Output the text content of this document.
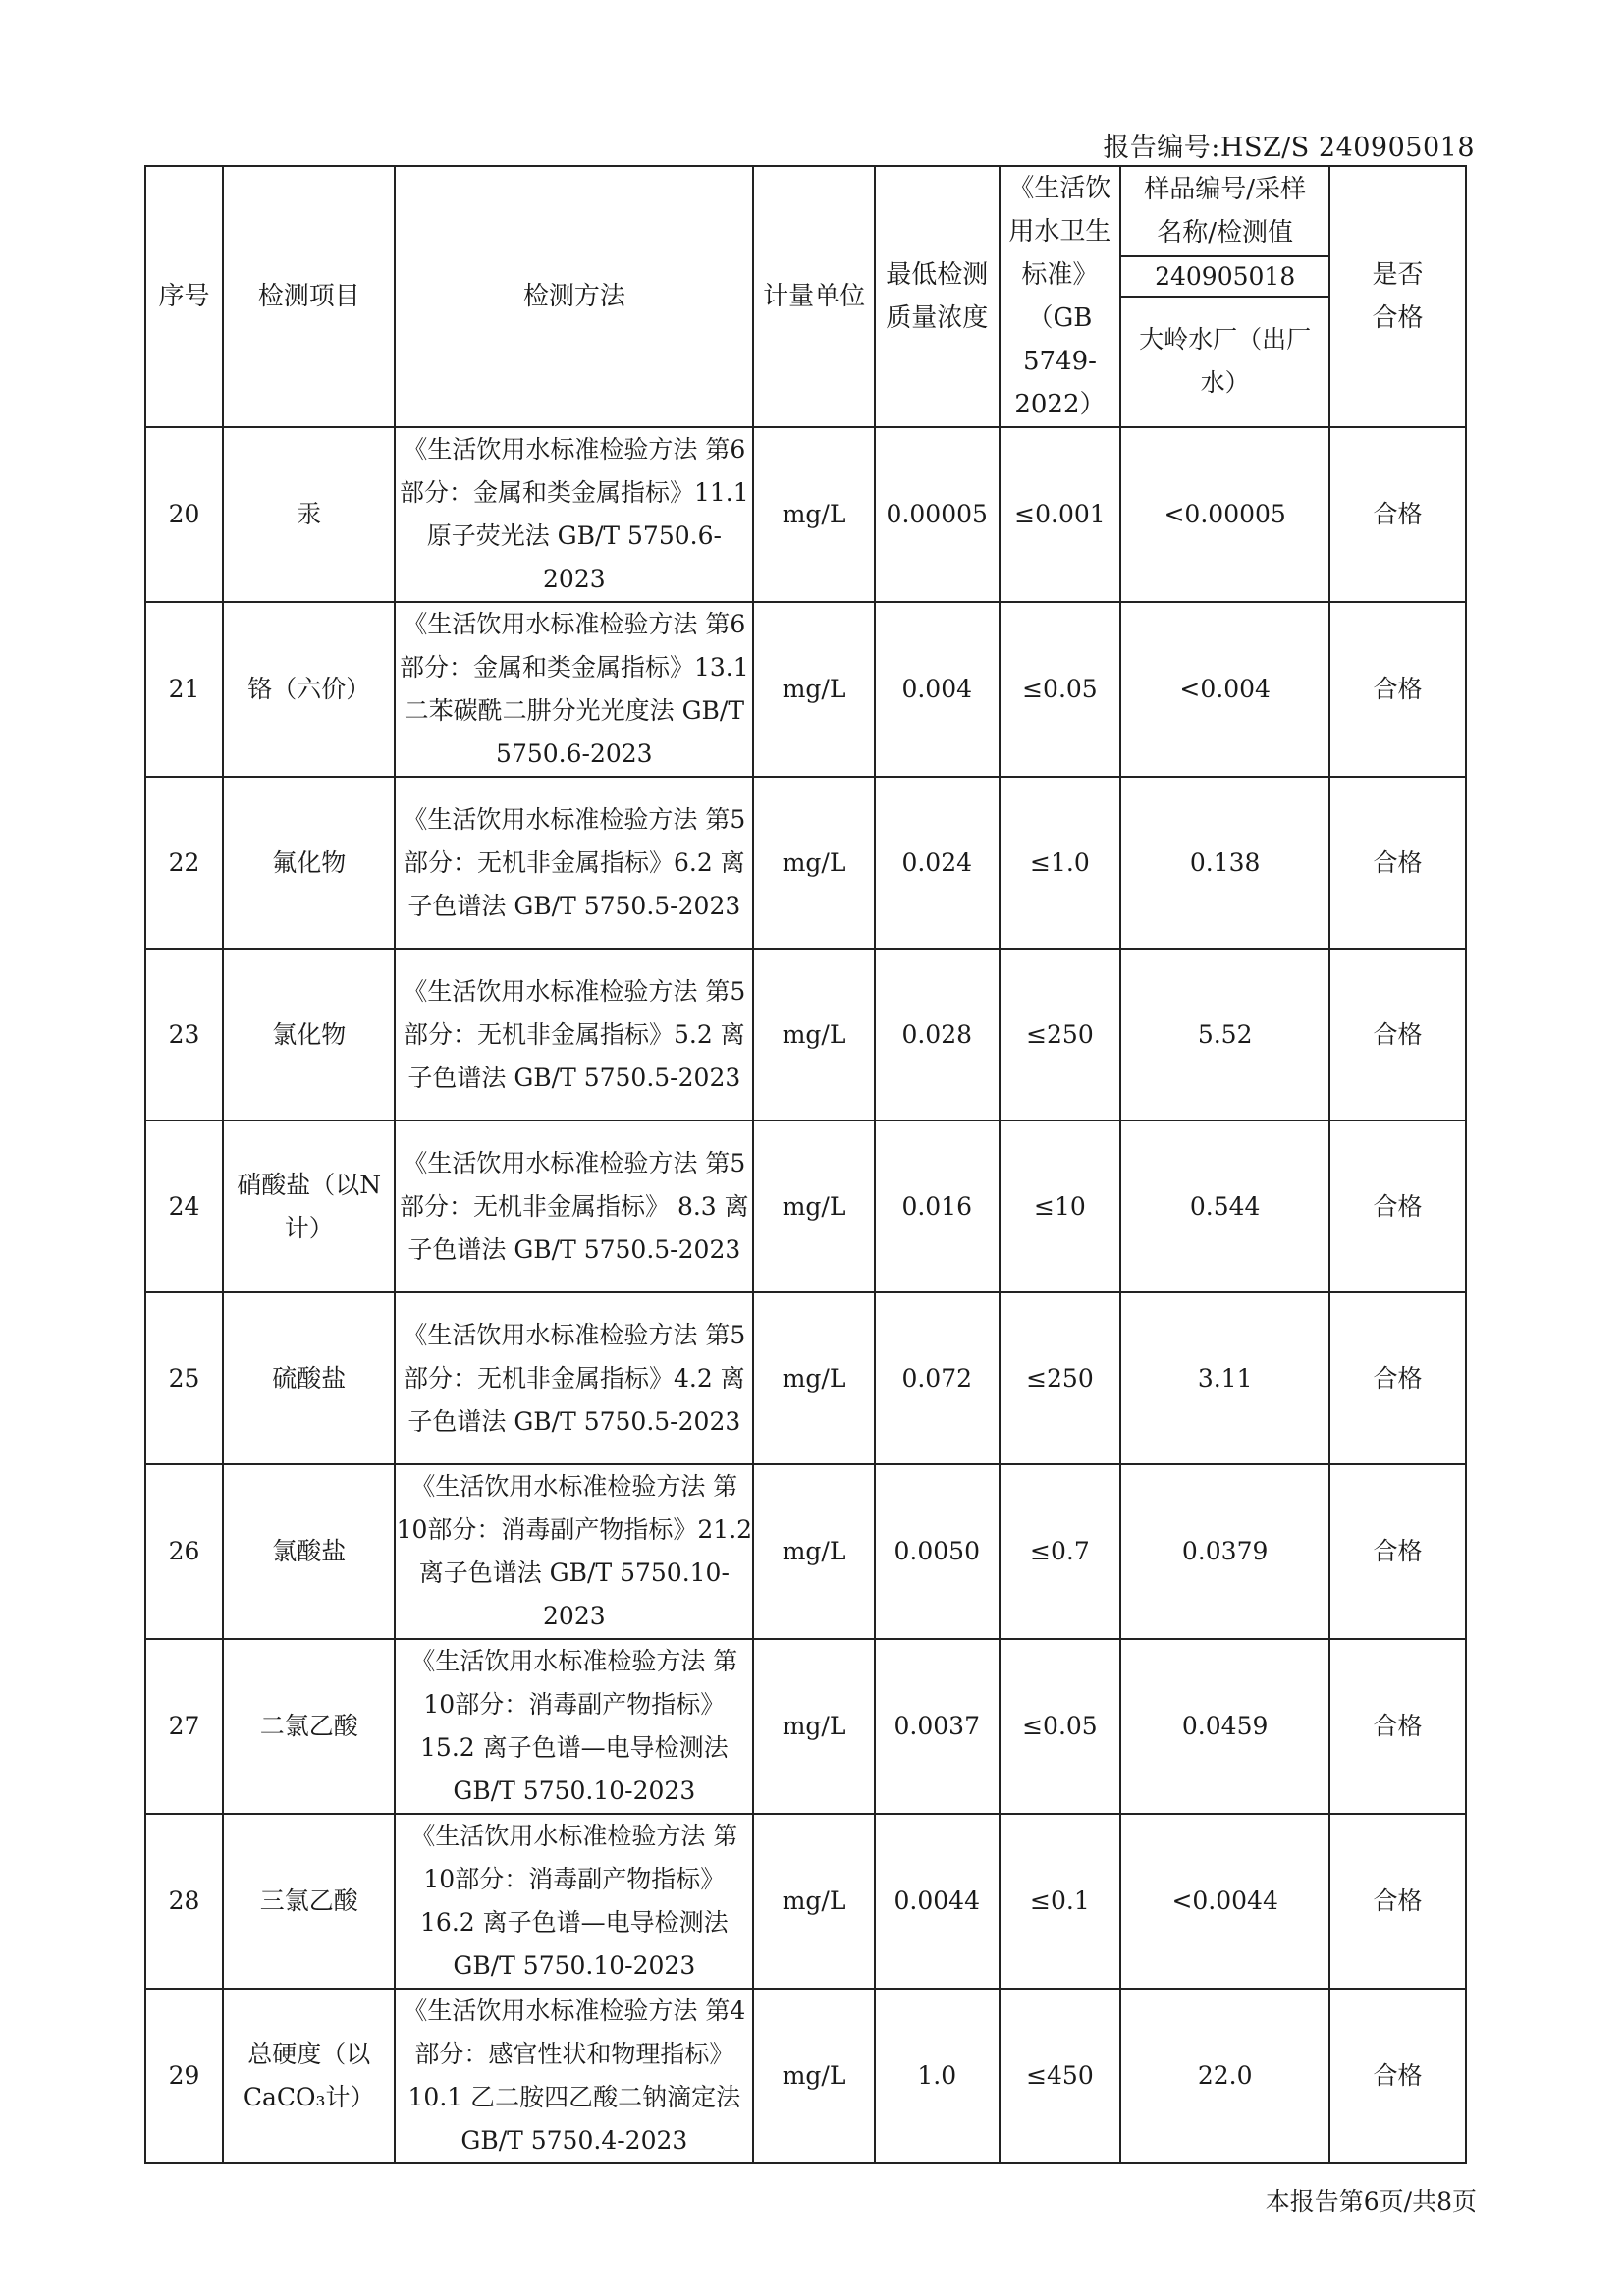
报告编号:HSZ/S 240905018
序号	检测项目	检测方法	计量单位	最低检测质量浓度	《生活饮用水卫生标准》（GB 5749-2022）	样品编号/采样名称/检测值	是否合格
						240905018	
						大岭水厂（出厂水）	
20	汞	《生活饮用水标准检验方法 第6部分：金属和类金属指标》11.1 原子荧光法 GB/T 5750.6-2023	mg/L	0.00005	≤0.001	<0.00005	合格
21	铬（六价）	《生活饮用水标准检验方法 第6部分：金属和类金属指标》13.1 二苯碳酰二肼分光光度法 GB/T 5750.6-2023	mg/L	0.004	≤0.05	<0.004	合格
22	氟化物	《生活饮用水标准检验方法 第5部分：无机非金属指标》6.2 离子色谱法 GB/T 5750.5-2023	mg/L	0.024	≤1.0	0.138	合格
23	氯化物	《生活饮用水标准检验方法 第5部分：无机非金属指标》5.2 离子色谱法 GB/T 5750.5-2023	mg/L	0.028	≤250	5.52	合格
24	硝酸盐（以N计）	《生活饮用水标准检验方法 第5部分：无机非金属指标》 8.3 离子色谱法 GB/T 5750.5-2023	mg/L	0.016	≤10	0.544	合格
25	硫酸盐	《生活饮用水标准检验方法 第5部分：无机非金属指标》4.2 离子色谱法 GB/T 5750.5-2023	mg/L	0.072	≤250	3.11	合格
26	氯酸盐	《生活饮用水标准检验方法 第10部分：消毒副产物指标》21.2 离子色谱法 GB/T 5750.10-2023	mg/L	0.0050	≤0.7	0.0379	合格
27	二氯乙酸	《生活饮用水标准检验方法 第10部分：消毒副产物指标》 15.2 离子色谱—电导检测法 GB/T 5750.10-2023	mg/L	0.0037	≤0.05	0.0459	合格
28	三氯乙酸	《生活饮用水标准检验方法 第10部分：消毒副产物指标》 16.2 离子色谱—电导检测法 GB/T 5750.10-2023	mg/L	0.0044	≤0.1	<0.0044	合格
29	总硬度（以CaCO₃计）	《生活饮用水标准检验方法 第4部分：感官性状和物理指标》10.1 乙二胺四乙酸二钠滴定法 GB/T 5750.4-2023	mg/L	1.0	≤450	22.0	合格
本报告第6页/共8页
